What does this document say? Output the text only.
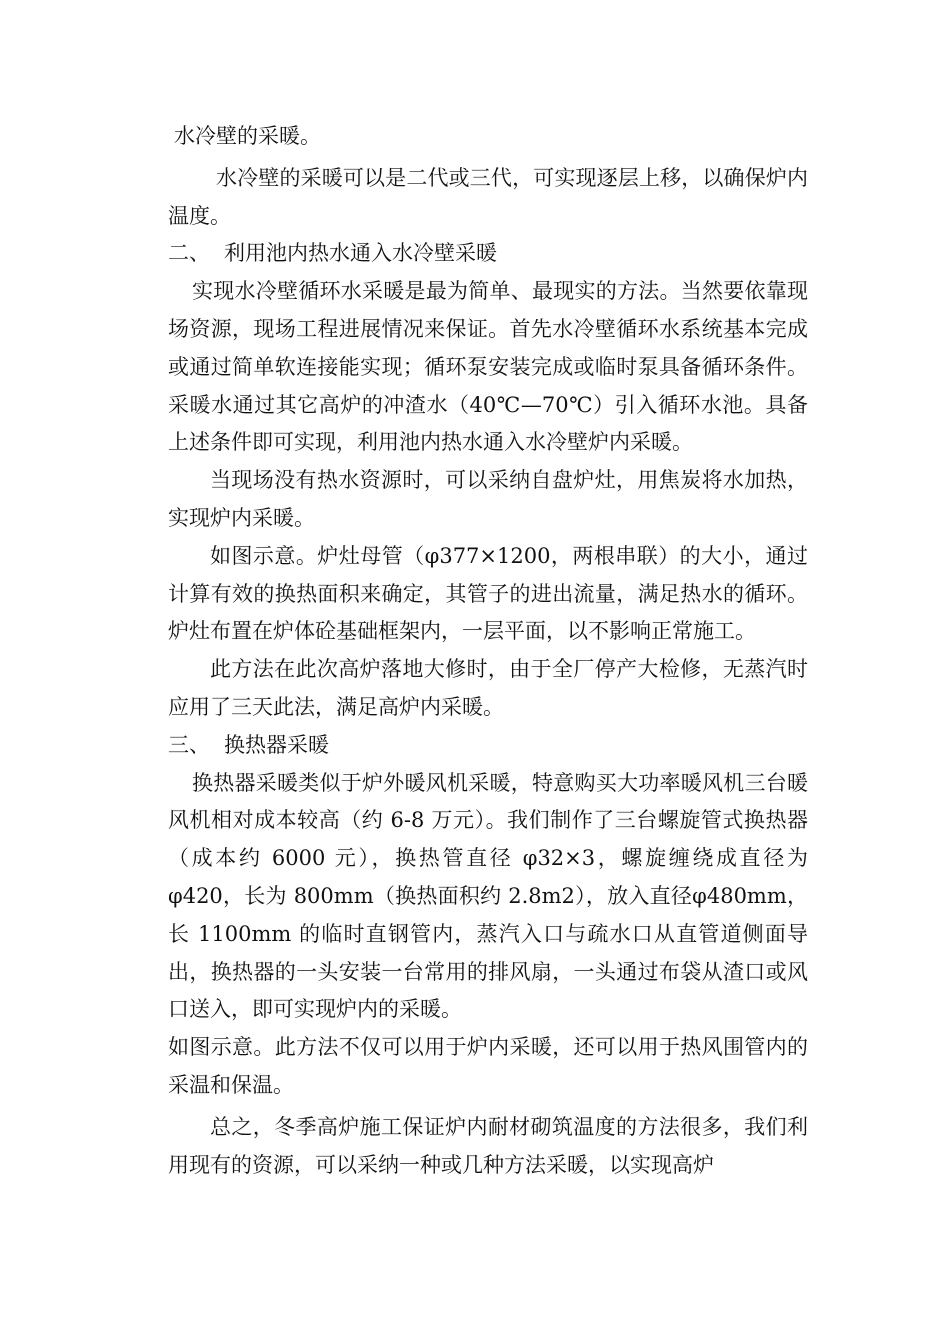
水冷壁的采暖。

水冷壁的采暖可以是二代或三代，可实现逐层上移，以确保炉内温度。

二、 利用池内热水通入水冷壁采暖

实现水冷壁循环水采暖是最为简单、最现实的方法。当然要依靠现场资源，现场工程进展情况来保证。首先水冷壁循环水系统基本完成或通过简单软连接能实现；循环泵安装完成或临时泵具备循环条件。采暖水通过其它高炉的冲渣水（40℃—70℃）引入循环水池。具备上述条件即可实现，利用池内热水通入水冷壁炉内采暖。

当现场没有热水资源时，可以采纳自盘炉灶，用焦炭将水加热，实现炉内采暖。

如图示意。炉灶母管（φ377×1200，两根串联）的大小，通过计算有效的换热面积来确定，其管子的进出流量，满足热水的循环。炉灶布置在炉体砼基础框架内，一层平面，以不影响正常施工。

此方法在此次高炉落地大修时，由于全厂停产大检修，无蒸汽时应用了三天此法，满足高炉内采暖。

三、 换热器采暖

换热器采暖类似于炉外暖风机采暖，特意购买大功率暖风机三台暖风机相对成本较高（约 6-8 万元）。我们制作了三台螺旋管式换热器（成本约 6000 元），换热管直径 φ32×3，螺旋缠绕成直径为 φ420，长为 800mm（换热面积约 2.8m2），放入直径φ480mm，长 1100mm 的临时直钢管内，蒸汽入口与疏水口从直管道侧面导出，换热器的一头安装一台常用的排风扇，一头通过布袋从渣口或风口送入，即可实现炉内的采暖。

如图示意。此方法不仅可以用于炉内采暖，还可以用于热风围管内的采温和保温。

总之，冬季高炉施工保证炉内耐材砌筑温度的方法很多，我们利用现有的资源，可以采纳一种或几种方法采暖，以实现高炉
